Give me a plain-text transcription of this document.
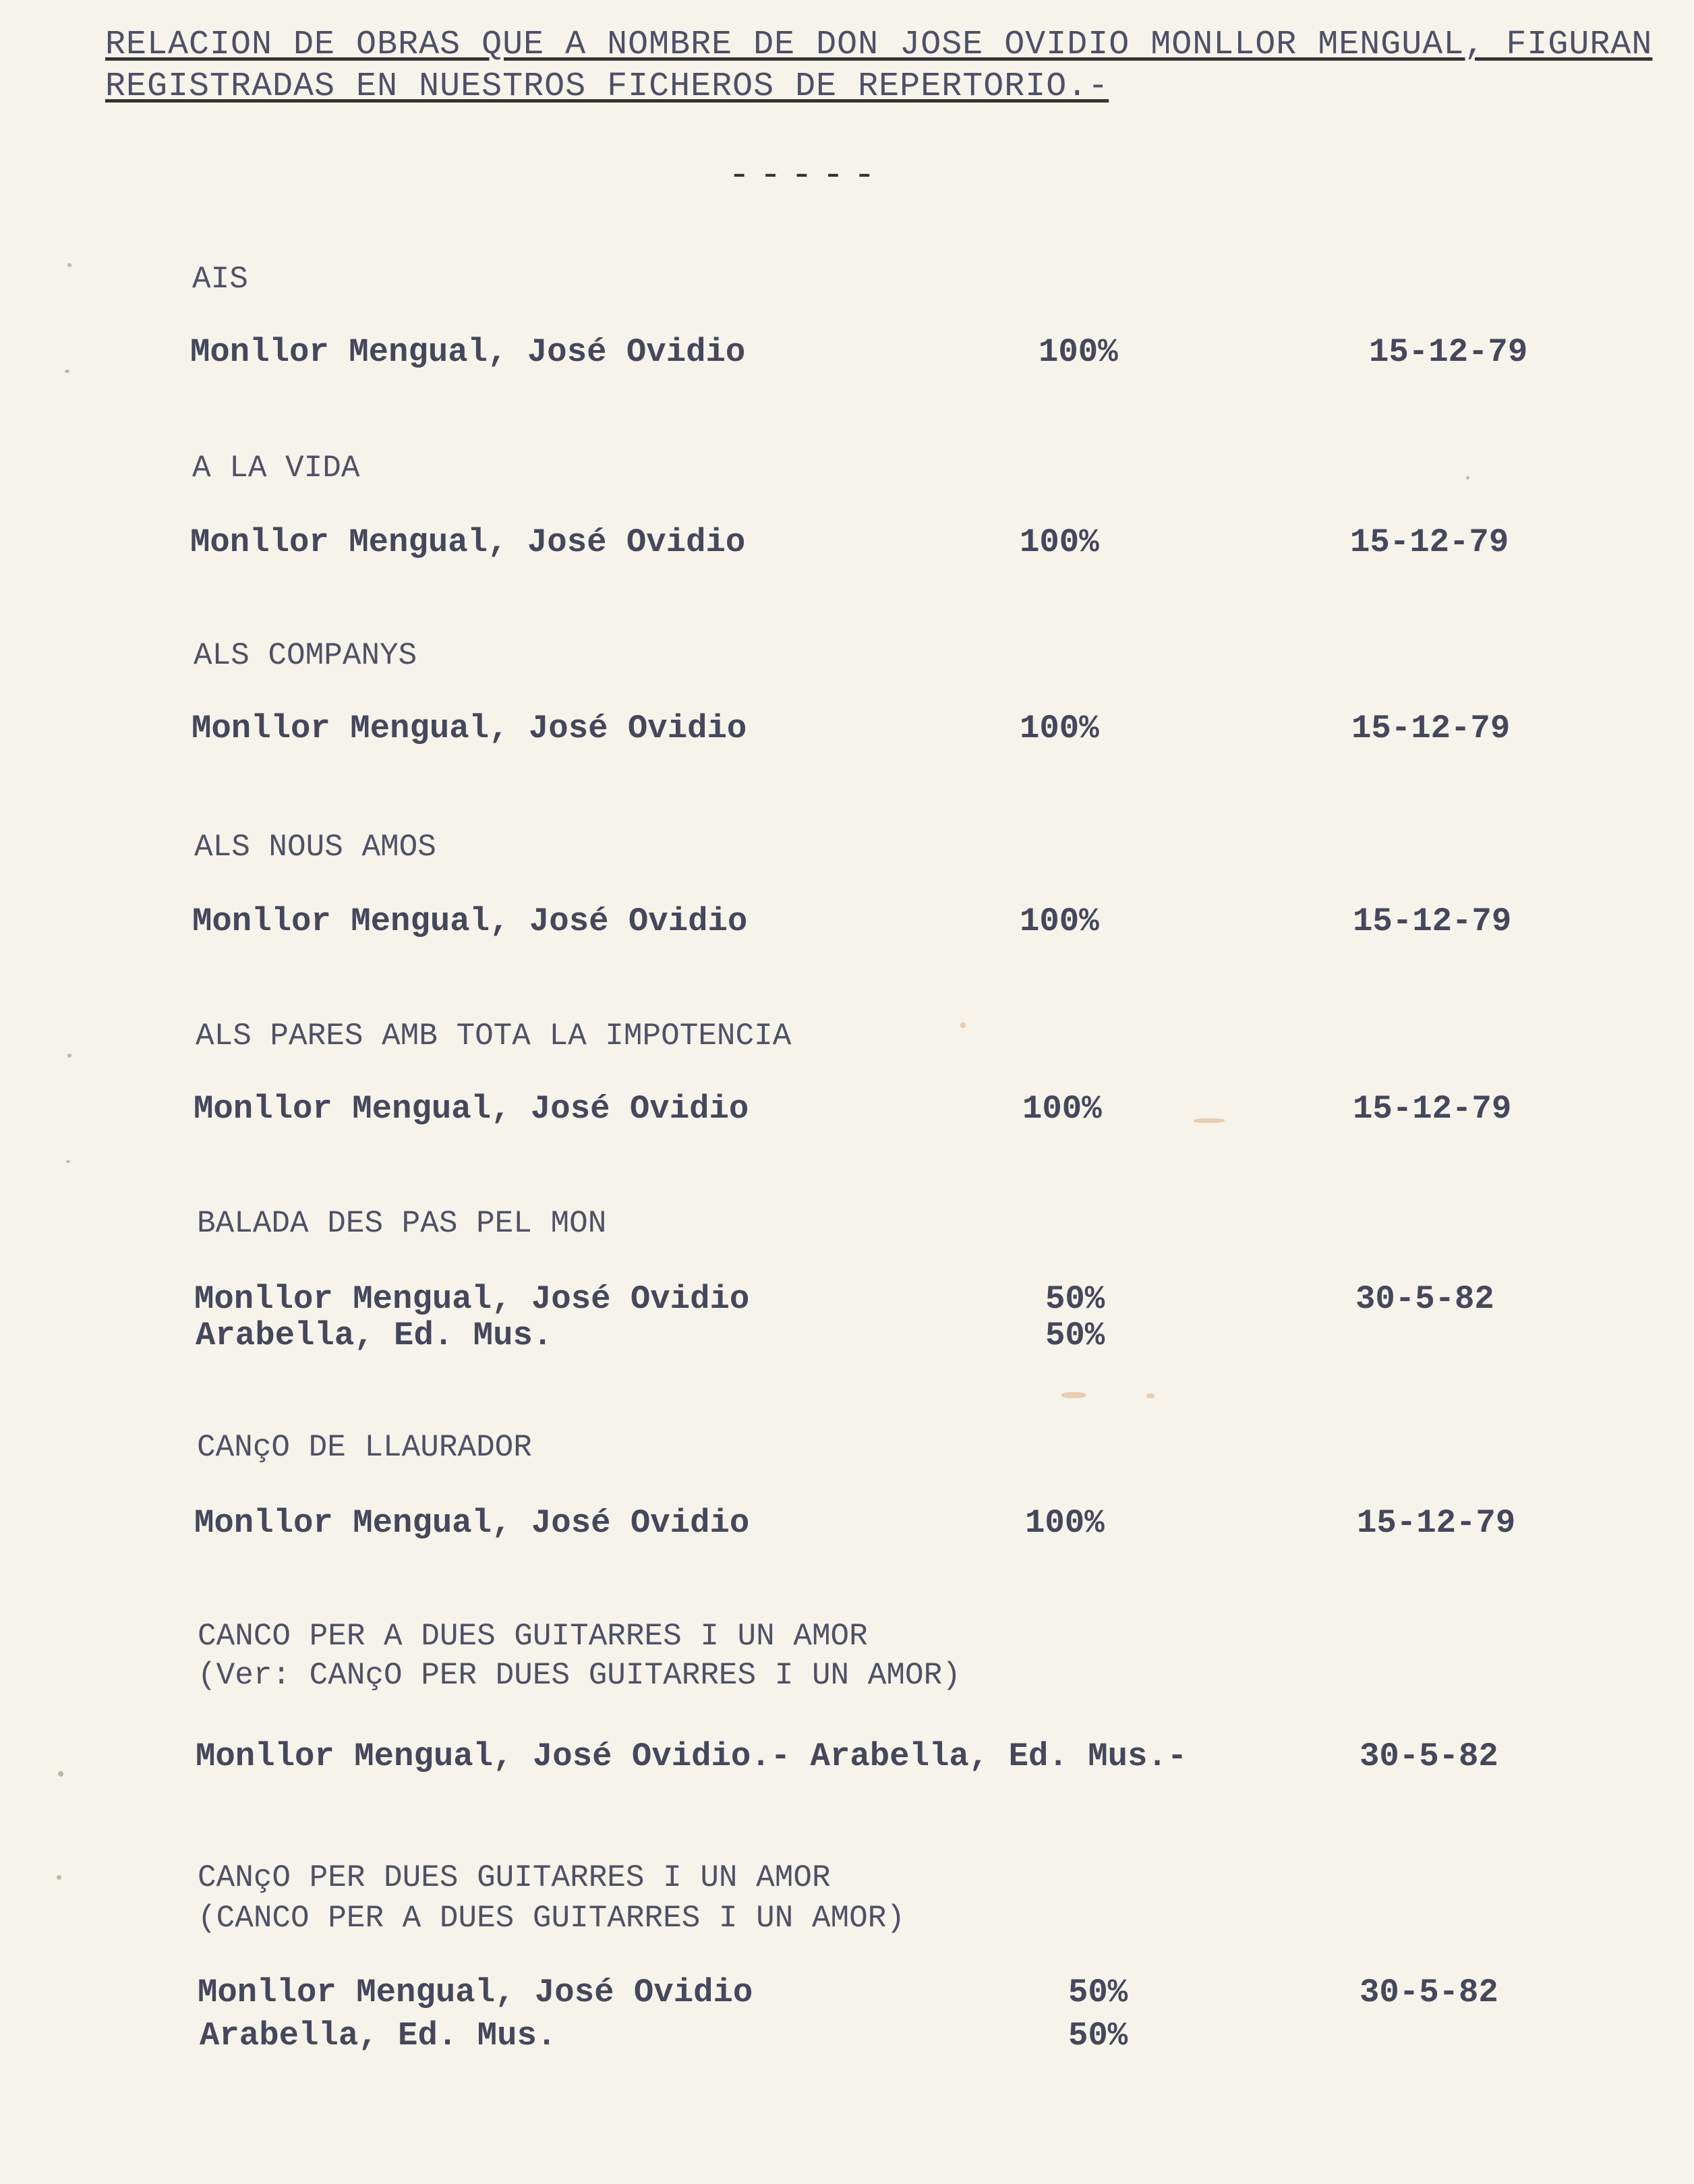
RELACION DE OBRAS QUE A NOMBRE DE DON JOSE OVIDIO MONLLOR MENGUAL, FIGURAN
REGISTRADAS EN NUESTROS FICHEROS DE REPERTORIO.-
-----
AIS
Monllor Mengual, José Ovidio	100%	15-12-79
A LA VIDA
Monllor Mengual, José Ovidio	100%	15-12-79
ALS COMPANYS
Monllor Mengual, José Ovidio	100%	15-12-79
ALS NOUS AMOS
Monllor Mengual, José Ovidio	100%	15-12-79
ALS PARES AMB TOTA LA IMPOTENCIA
Monllor Mengual, José Ovidio	100%	15-12-79
BALADA DES PAS PEL MON
Monllor Mengual, José Ovidio	50%	30-5-82
Arabella, Ed. Mus.	50%
CANçO DE LLAURADOR
Monllor Mengual, José Ovidio	100%	15-12-79
CANCO PER A DUES GUITARRES I UN AMOR
(Ver: CANçO PER DUES GUITARRES I UN AMOR)
Monllor Mengual, José Ovidio.- Arabella, Ed. Mus.-	30-5-82
CANçO PER DUES GUITARRES I UN AMOR
(CANCO PER A DUES GUITARRES I UN AMOR)
Monllor Mengual, José Ovidio	50%	30-5-82
Arabella, Ed. Mus.	50%
